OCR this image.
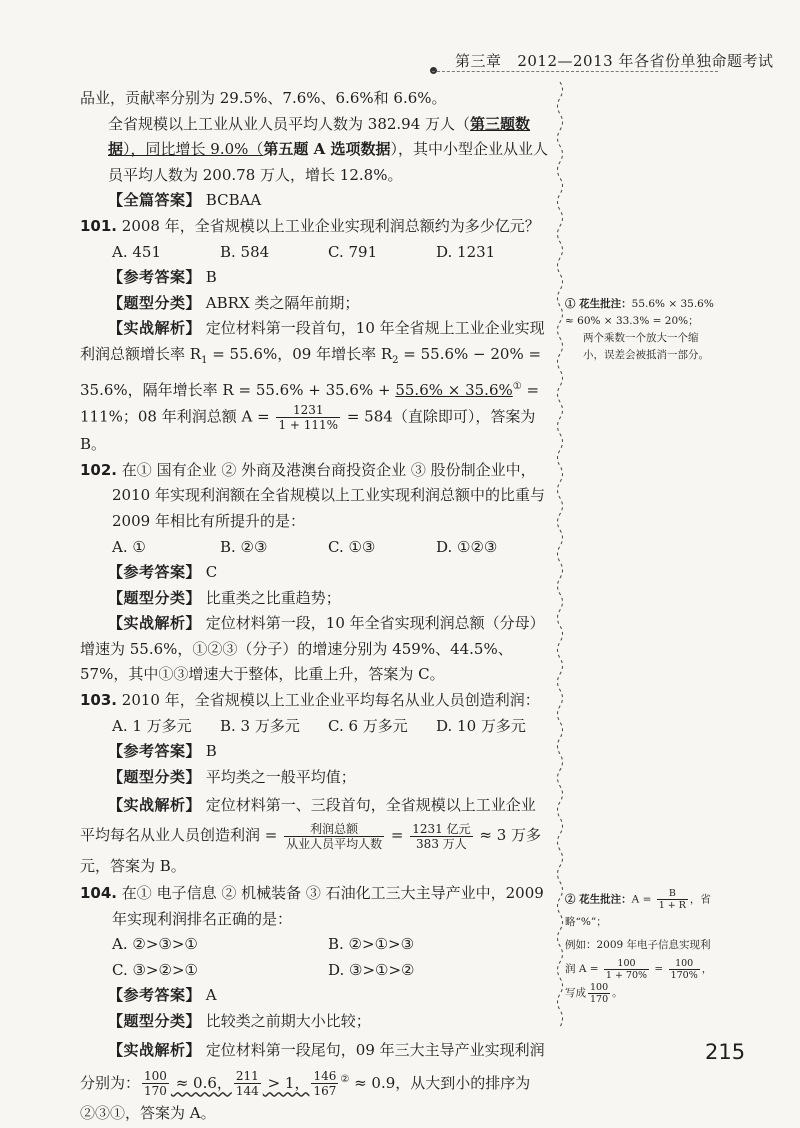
第三章 2012—2013 年各省份单独命题考试

品业，贡献率分别为 29.5%、7.6%、6.6%和 6.6%。

全省规模以上工业从业人员平均人数为 382.94 万人（第三题数据），同比增长 9.0%（第五题 A 选项数据），其中小型企业从业人员平均人数为 200.78 万人，增长 12.8%。

【全篇答案】 BCBAA

101. 2008 年，全省规模以上工业企业实现利润总额约为多少亿元？

A. 451	B. 584	C. 791	D. 1231

【参考答案】 B

【题型分类】 ABRX 类之隔年前期；

【实战解析】 定位材料第一段首句，10 年全省规上工业企业实现利润总额增长率 $R_1 = 55.6\%$，09 年增长率 $R_2 = 55.6\% - 20\% = 35.6\%$，隔年增长率 R = 55.6% + 35.6% + 55.6% × 35.6%① = 111%；08 年利润总额 $A = \frac{1231}{1 + 111\%} = 584$（直除即可），答案为 B。

102. 在① 国有企业 ② 外商及港澳台商投资企业 ③ 股份制企业中，2010 年实现利润额在全省规模以上工业实现利润总额中的比重与 2009 年相比有所提升的是：

A. ①	B. ②③	C. ①③	D. ①②③

【参考答案】 C

【题型分类】 比重类之比重趋势；

【实战解析】 定位材料第一段，10 年全省实现利润总额（分母）增速为 55.6%，①②③（分子）的增速分别为 459%、44.5%、57%，其中①③增速大于整体，比重上升，答案为 C。

103. 2010 年，全省规模以上工业企业平均每名从业人员创造利润：

A. 1 万多元	B. 3 万多元	C. 6 万多元	D. 10 万多元

【参考答案】 B

【题型分类】 平均类之一般平均值；

【实战解析】 定位材料第一、三段首句，全省规模以上工业企业平均每名从业人员创造利润 = $\frac{\text{利润总额}}{\text{从业人员平均人数}} = \frac{\text{1231 亿元}}{\text{383 万人}} \approx 3$ 万多元，答案为 B。

104. 在① 电子信息 ② 机械装备 ③ 石油化工三大主导产业中，2009 年实现利润排名正确的是：

A. ②>③>①	B. ②>①>③
C. ③>②>①	D. ③>①>②

【参考答案】 A

【题型分类】 比较类之前期大小比较；

【实战解析】 定位材料第一段尾句，09 年三大主导产业实现利润分别为： $\frac{100}{170} \approx 0.6$， $\frac{211}{144} > 1$， $\frac{146}{167} ^② \approx 0.9$，从大到小的排序为②③①，答案为 A。

① 花生批注：55.6% × 35.6% ≈ 60% × 33.3% = 20%；

两个乘数一个放大一个缩小，误差会被抵消一部分。

② 花生批注：$A = \frac{B}{1 + R}$ ，省略“%”；

例如：2009 年电子信息实现利润 $A = \frac{100}{1 + 70\%} = \frac{100}{170\%}$ ，写成 $\frac{100}{170}$ 。

215
